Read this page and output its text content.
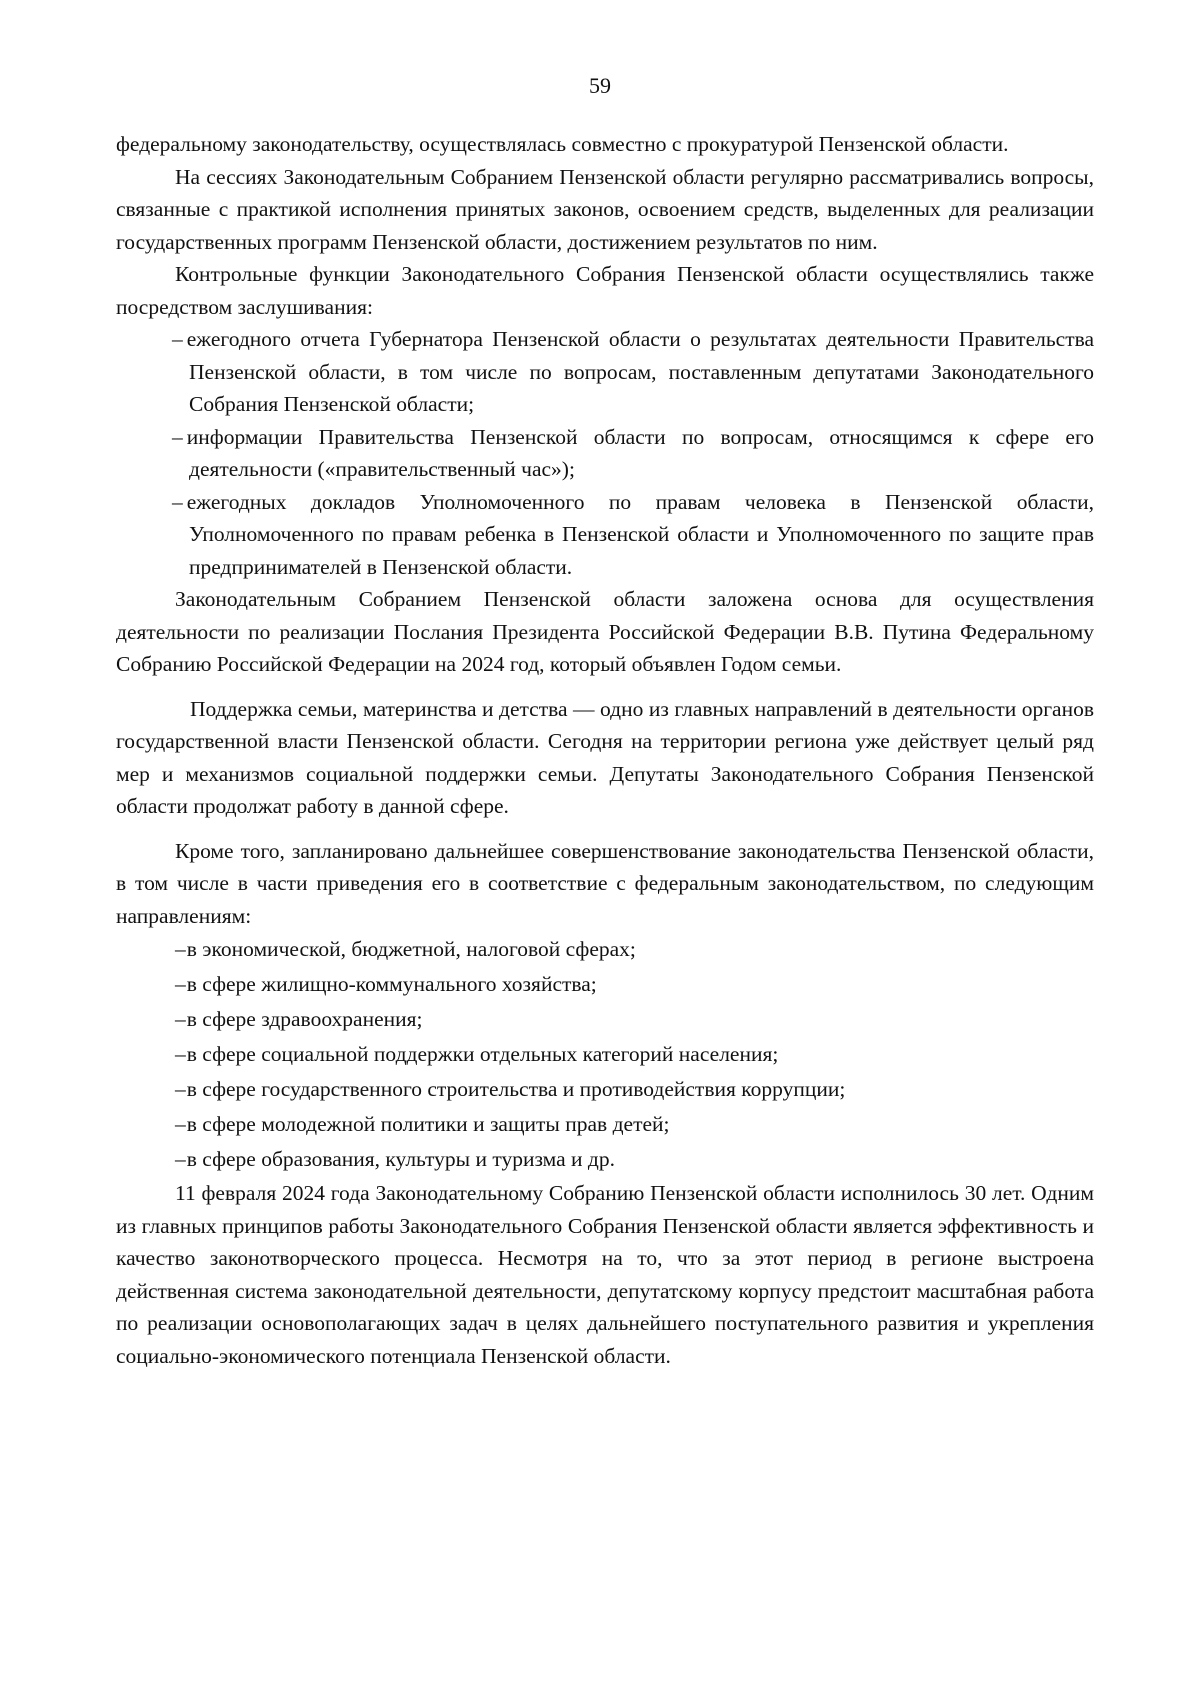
59

федеральному законодательству, осуществлялась совместно с прокуратурой Пензенской области.

На сессиях Законодательным Собранием Пензенской области регулярно рассматривались вопросы, связанные с практикой исполнения принятых законов, освоением средств, выделенных для реализации государственных программ Пензенской области, достижением результатов по ним.

Контрольные функции Законодательного Собрания Пензенской области осуществлялись также посредством заслушивания:

– ежегодного отчета Губернатора Пензенской области о результатах деятельности Правительства Пензенской области, в том числе по вопросам, поставленным депутатами Законодательного Собрания Пензенской области;
– информации Правительства Пензенской области по вопросам, относящимся к сфере его деятельности («правительственный час»);
– ежегодных докладов Уполномоченного по правам человека в Пензенской области, Уполномоченного по правам ребенка в Пензенской области и Уполномоченного по защите прав предпринимателей в Пензенской области.

Законодательным Собранием Пензенской области заложена основа для осуществления деятельности по реализации Послания Президента Российской Федерации В.В. Путина Федеральному Собранию Российской Федерации на 2024 год, который объявлен Годом семьи.

Поддержка семьи, материнства и детства — одно из главных направлений в деятельности органов государственной власти Пензенской области. Сегодня на территории региона уже действует целый ряд мер и механизмов социальной поддержки семьи. Депутаты Законодательного Собрания Пензенской области продолжат работу в данной сфере.

Кроме того, запланировано дальнейшее совершенствование законодательства Пензенской области, в том числе в части приведения его в соответствие с федеральным законодательством, по следующим направлениям:

–в экономической, бюджетной, налоговой сферах;
–в сфере жилищно-коммунального хозяйства;
–в сфере здравоохранения;
–в сфере социальной поддержки отдельных категорий населения;
–в сфере государственного строительства и противодействия коррупции;
–в сфере молодежной политики и защиты прав детей;
–в сфере образования, культуры и туризма и др.

11 февраля 2024 года Законодательному Собранию Пензенской области исполнилось 30 лет. Одним из главных принципов работы Законодательного Собрания Пензенской области является эффективность и качество законотворческого процесса. Несмотря на то, что за этот период в регионе выстроена действенная система законодательной деятельности, депутатскому корпусу предстоит масштабная работа по реализации основополагающих задач в целях дальнейшего поступательного развития и укрепления социально-экономического потенциала Пензенской области.
